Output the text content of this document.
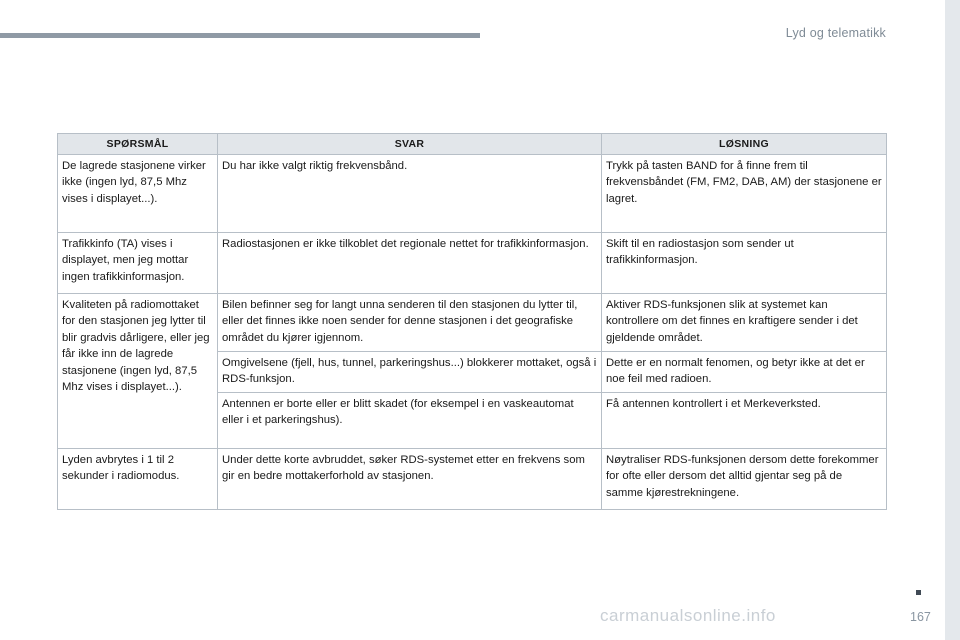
Lyd og telematikk
SPØRSMÅL	SVAR	LØSNING
De lagrede stasjonene virker ikke (ingen lyd, 87,5 Mhz vises i displayet...).	Du har ikke valgt riktig frekvensbånd.	Trykk på tasten BAND for å finne frem til frekvensbåndet (FM, FM2, DAB, AM) der stasjonene er lagret.
Trafikkinfo (TA) vises i displayet, men jeg mottar ingen trafikkinformasjon.	Radiostasjonen er ikke tilkoblet det regionale nettet for trafikkinformasjon.	Skift til en radiostasjon som sender ut trafikkinformasjon.
Kvaliteten på radiomottaket for den stasjonen jeg lytter til blir gradvis dårligere, eller jeg får ikke inn de lagrede stasjonene (ingen lyd, 87,5 Mhz vises i displayet...).	Bilen befinner seg for langt unna senderen til den stasjonen du lytter til, eller det finnes ikke noen sender for denne stasjonen i det geografiske området du kjører igjennom.	Aktiver RDS-funksjonen slik at systemet kan kontrollere om det finnes en kraftigere sender i det gjeldende området.
	Omgivelsene (fjell, hus, tunnel, parkeringshus...) blokkerer mottaket, også i RDS-funksjon.	Dette er en normalt fenomen, og betyr ikke at det er noe feil med radioen.
	Antennen er borte eller er blitt skadet (for eksempel i en vaskeautomat eller i et parkeringshus).	Få antennen kontrollert i et Merkeverksted.
Lyden avbrytes i 1 til 2 sekunder i radiomodus.	Under dette korte avbruddet, søker RDS-systemet etter en frekvens som gir en bedre mottakerforhold av stasjonen.	Nøytraliser RDS-funksjonen dersom dette forekommer for ofte eller dersom det alltid gjentar seg på de samme kjørestrekningene.
carmanualsonline.info	167
